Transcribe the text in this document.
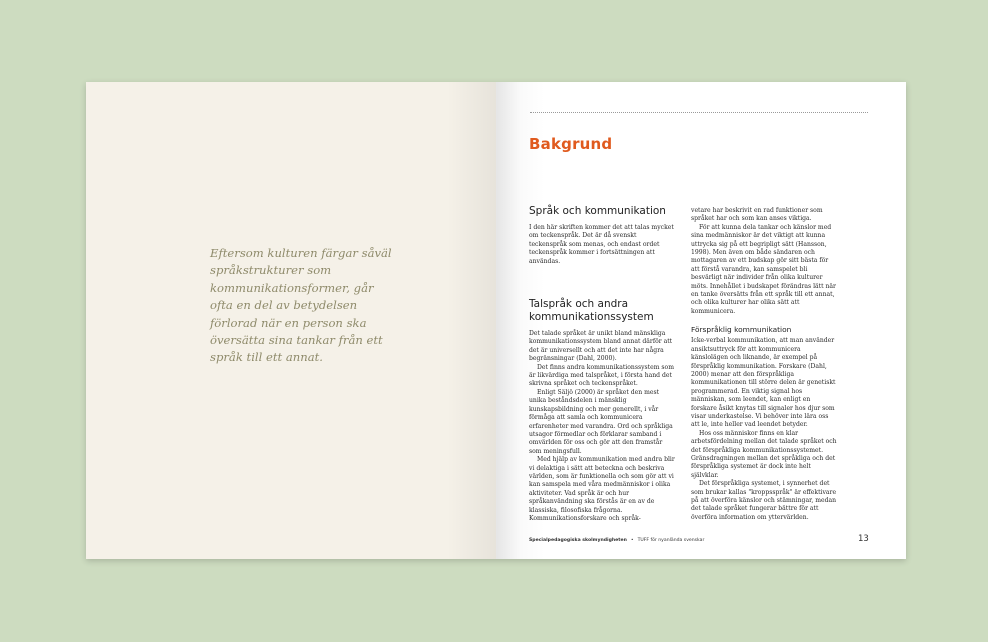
Eftersom kulturen färgar såväl språkstrukturer som kommunikationsformer, går ofta en del av betydelsen förlorad när en person ska översätta sina tankar från ett språk till ett annat.
Bakgrund
Språk och kommunikation

I den här skriften kommer det att talas mycket om teckenspråk. Det är då svenskt teckenspråk som menas, och endast ordet teckenspråk kommer i fortsättningen att användas.

Talspråk och andra kommunikationssystem

Det talade språket är unikt bland mänskliga kommunikationssystem bland annat därför att det är universellt och att det inte har några begränsningar (Dahl, 2000).

Det finns andra kommunikationssystem som är likvärdiga med talspråket, i första hand det skrivna språket och teckenspråket.

Enligt Säljö (2000) är språket den mest unika beståndsdelen i mänsklig kunskapsbildning och mer generellt, i vår förmåga att samla och kommunicera erfarenheter med varandra. Ord och språkliga utsagor förmedlar och förklarar samband i omvärlden för oss och gör att den framstår som meningsfull.

Med hjälp av kommunikation med andra blir vi delaktiga i sätt att beteckna och beskriva världen, som är funktionella och som gör att vi kan samspela med våra medmänniskor i olika aktiviteter. Vad språk är och hur språkanvändning ska förstås är en av de klassiska, filosofiska frågorna. Kommunikationsforskare och språk-

vetare har beskrivit en rad funktioner som språket har och som kan anses viktiga.

För att kunna dela tankar och känslor med sina medmänniskor är det viktigt att kunna uttrycka sig på ett begripligt sätt (Hansson, 1998). Men även om både sändaren och mottagaren av ett budskap gör sitt bästa för att förstå varandra, kan samspelet bli besvärligt när individer från olika kulturer möts. Innehållet i budskapet förändras lätt när en tanke översätts från ett språk till ett annat, och olika kulturer har olika sätt att kommunicera.

Förspråklig kommunikation

Icke-verbal kommunikation, att man använder ansiktsuttryck för att kommunicera känslolägen och liknande, är exempel på förspråklig kommunikation. Forskare (Dahl, 2000) menar att den förspråkliga kommunikationen till större delen är genetiskt programmerad. En viktig signal hos människan, som leendet, kan enligt en forskare åsikt knytas till signaler hos djur som visar underkastelse. Vi behöver inte lära oss att le, inte heller vad leendet betyder.

Hos oss människor finns en klar arbetsfördelning mellan det talade språket och det förspråkliga kommunikationssystemet. Gränsdragningen mellan det språkliga och det förspråkliga systemet är dock inte helt självklar.

Det förspråkliga systemet, i synnerhet det som brukar kallas "kroppsspråk" är effektivare på att överföra känslor och stämningar, medan det talade språket fungerar bättre för att överföra information om yttervärlden.

Specialpedagogiska skolmyndigheten • TUFF för nyanlända svenskar	13
